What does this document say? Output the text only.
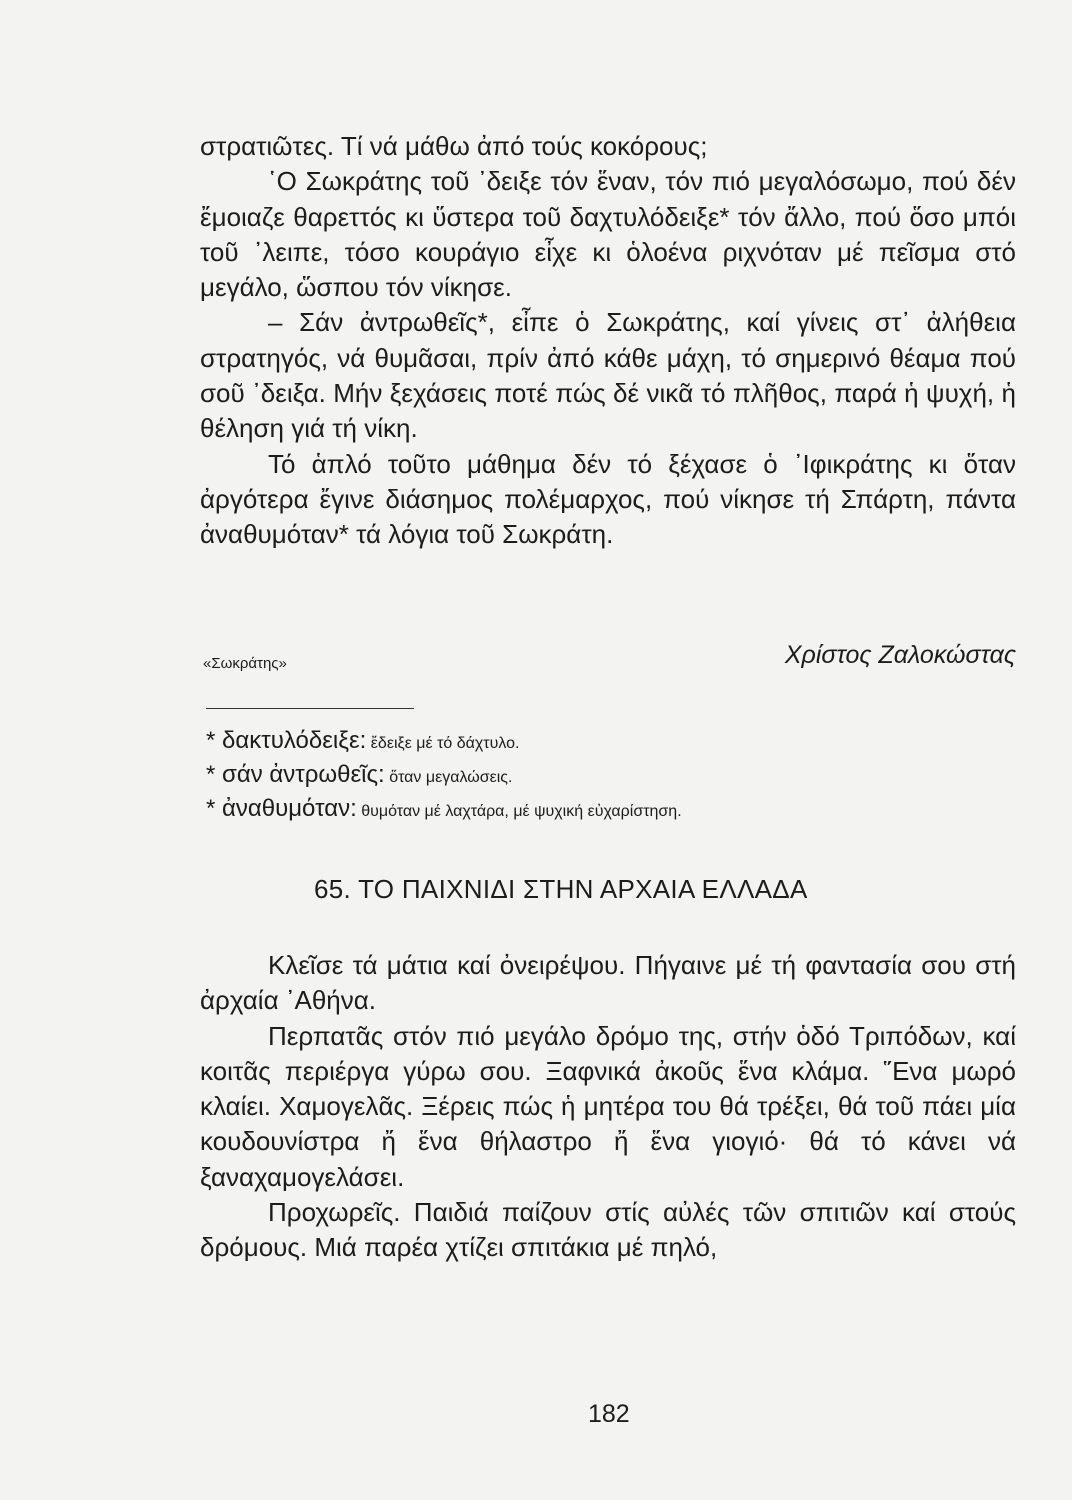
στρατιῶτες. Τί νά μάθω ἀπό τούς κοκόρους;

῾Ο Σωκράτης τοῦ ᾿δειξε τόν ἕναν, τόν πιό μεγαλόσωμο, πού δέν ἔμοιαζε θαρεττός κι ὕστερα τοῦ δαχτυλόδειξε* τόν ἄλλο, πού ὅσο μπόι τοῦ ᾿λειπε, τόσο κουράγιο εἶχε κι ὁλοένα ριχνόταν μέ πεῖσμα στό μεγάλο, ὥσπου τόν νίκησε.

– Σάν ἀντρωθεῖς*, εἶπε ὁ Σωκράτης, καί γίνεις στ᾿ ἀλήθεια στρατηγός, νά θυμᾶσαι, πρίν ἀπό κάθε μάχη, τό σημερινό θέαμα πού σοῦ ᾿δειξα. Μήν ξεχάσεις ποτέ πώς δέ νικᾶ τό πλῆθος, παρά ἡ ψυχή, ἡ θέληση γιά τή νίκη.

Τό ἁπλό τοῦτο μάθημα δέν τό ξέχασε ὁ ᾿Ιφικράτης κι ὅταν ἀργότερα ἔγινε διάσημος πολέμαρχος, πού νίκησε τή Σπάρτη, πάντα ἀναθυμόταν* τά λόγια τοῦ Σωκράτη.

«Σωκράτης»	Χρίστος Ζαλοκώστας
* δακτυλόδειξε: ἔδειξε μέ τό δάχτυλο.
* σάν ἀντρωθεῖς: ὅταν μεγαλώσεις.
* ἀναθυμόταν: θυμόταν μέ λαχτάρα, μέ ψυχική εὐχαρίστηση.
65. ΤΟ ΠΑΙΧΝΙΔΙ ΣΤΗΝ ΑΡΧΑΙΑ ΕΛΛΑΔΑ

Κλεῖσε τά μάτια καί ὀνειρέψου. Πήγαινε μέ τή φαντασία σου στή ἀρχαία ᾿Αθήνα.

Περπατᾶς στόν πιό μεγάλο δρόμο της, στήν ὁδό Τριπόδων, καί κοιτᾶς περιέργα γύρω σου. Ξαφνικά ἀκοῦς ἕνα κλάμα. ῞Ενα μωρό κλαίει. Χαμογελᾶς. Ξέρεις πώς ἡ μητέρα του θά τρέξει, θά τοῦ πάει μία κουδουνίστρα ἤ ἕνα θήλαστρο ἤ ἕνα γιογιό· θά τό κάνει νά ξαναχαμογελάσει.

Προχωρεῖς. Παιδιά παίζουν στίς αὐλές τῶν σπιτιῶν καί στούς δρόμους. Μιά παρέα χτίζει σπιτάκια μέ πηλό,

182
